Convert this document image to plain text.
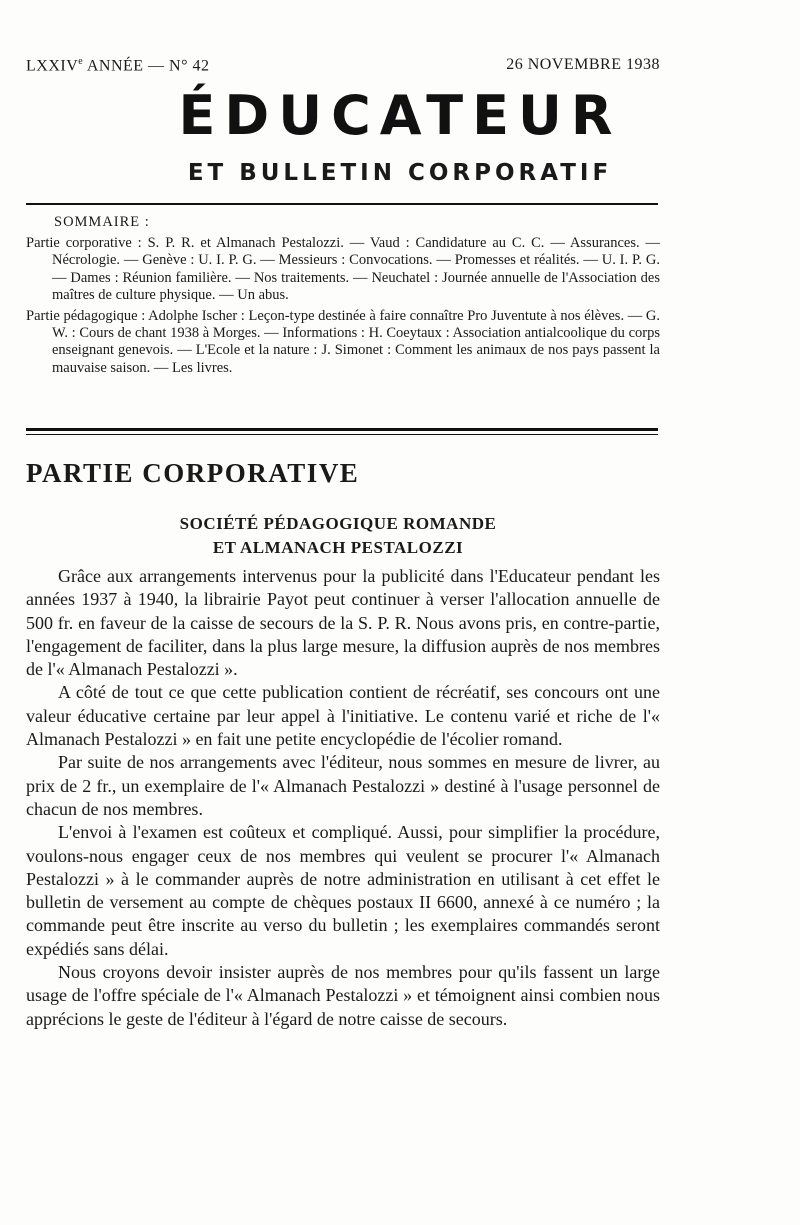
LXXIVe ANNÉE — N° 42	26 NOVEMBRE 1938
ÉDUCATEUR
ET BULLETIN CORPORATIF
SOMMAIRE :

Partie corporative : S. P. R. et Almanach Pestalozzi. — Vaud : Candidature au C. C. — Assurances. — Nécrologie. — Genève : U. I. P. G. — Messieurs : Convocations. — Promesses et réalités. — U. I. P. G. — Dames : Réunion familière. — Nos traitements. — Neuchatel : Journée annuelle de l'Association des maîtres de culture physique. — Un abus.

Partie pédagogique : Adolphe Ischer : Leçon-type destinée à faire connaître Pro Juventute à nos élèves. — G. W. : Cours de chant 1938 à Morges. — Informations : H. Coeytaux : Association antialcoolique du corps enseignant genevois. — L'Ecole et la nature : J. Simonet : Comment les animaux de nos pays passent la mauvaise saison. — Les livres.

PARTIE CORPORATIVE
SOCIÉTÉ PÉDAGOGIQUE ROMANDE
ET ALMANACH PESTALOZZI

Grâce aux arrangements intervenus pour la publicité dans l'Educateur pendant les années 1937 à 1940, la librairie Payot peut continuer à verser l'allocation annuelle de 500 fr. en faveur de la caisse de secours de la S. P. R. Nous avons pris, en contre-partie, l'engagement de faciliter, dans la plus large mesure, la diffusion auprès de nos membres de l'« Almanach Pestalozzi ».

A côté de tout ce que cette publication contient de récréatif, ses concours ont une valeur éducative certaine par leur appel à l'initiative. Le contenu varié et riche de l'« Almanach Pestalozzi » en fait une petite encyclopédie de l'écolier romand.

Par suite de nos arrangements avec l'éditeur, nous sommes en mesure de livrer, au prix de 2 fr., un exemplaire de l'« Almanach Pestalozzi » destiné à l'usage personnel de chacun de nos membres.

L'envoi à l'examen est coûteux et compliqué. Aussi, pour simplifier la procédure, voulons-nous engager ceux de nos membres qui veulent se procurer l'« Almanach Pestalozzi » à le commander auprès de notre administration en utilisant à cet effet le bulletin de versement au compte de chèques postaux II 6600, annexé à ce numéro ; la commande peut être inscrite au verso du bulletin ; les exemplaires commandés seront expédiés sans délai.

Nous croyons devoir insister auprès de nos membres pour qu'ils fassent un large usage de l'offre spéciale de l'« Almanach Pestalozzi » et témoignent ainsi combien nous apprécions le geste de l'éditeur à l'égard de notre caisse de secours.
